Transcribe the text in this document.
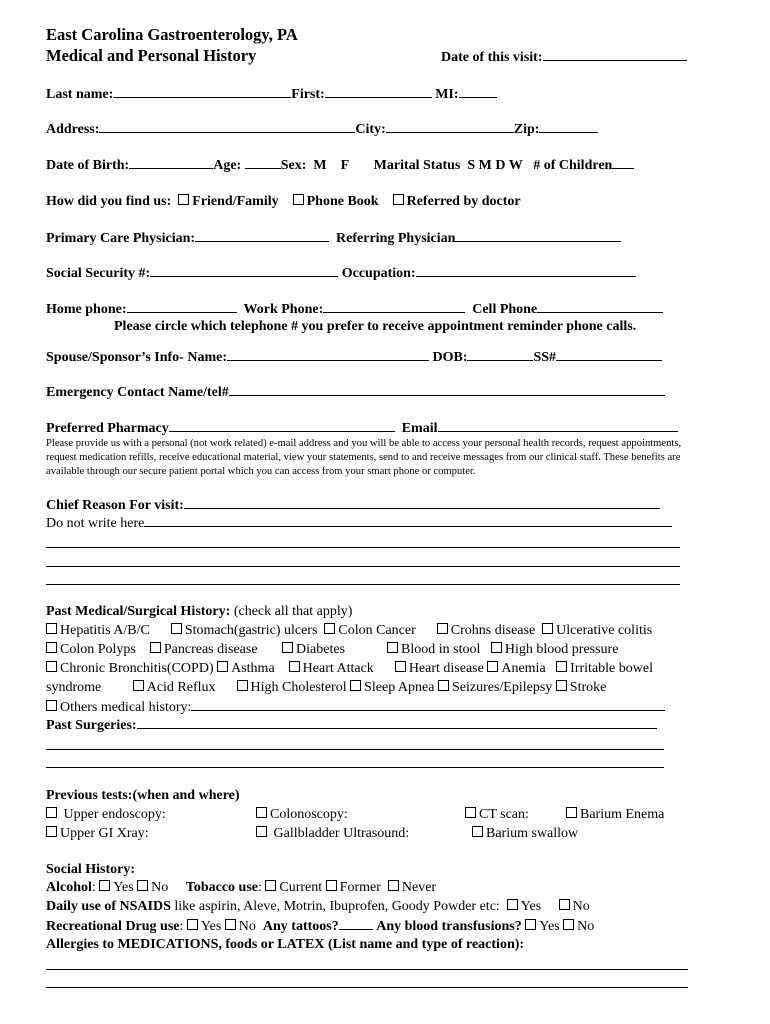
East Carolina Gastroenterology, PA
Medical and Personal History	Date of this visit:
Last name:	First:	MI:
Address:	City:	Zip:
Date of Birth:	Age:	Sex: M F Marital Status S M D W # of Children
How did you find us: Friend/Family Phone Book Referred by doctor
Primary Care Physician:	Referring Physician
Social Security #:	Occupation:
Home phone:	Work Phone:	Cell Phone
Please circle which telephone # you prefer to receive appointment reminder phone calls.
Spouse/Sponsor’s Info- Name:	DOB:	SS#
Emergency Contact Name/tel#
Preferred Pharmacy	Email
Please provide us with a personal (not work related) e-mail address and you will be able to access your personal health records, request appointments, request medication refills, receive educational material, view your statements, send to and receive messages from our clinical staff. These benefits are available through our secure patient portal which you can access from your smart phone or computer.
Chief Reason For visit:
Do not write here
Past Medical/Surgical History: (check all that apply)
Hepatitis A/B/C	Stomach(gastric) ulcers Colon Cancer	Crohns disease Ulcerative colitis
Colon Polyps Pancreas disease	Diabetes	Blood in stool High blood pressure
Chronic Bronchitis(COPD) Asthma Heart Attack	Heart disease Anemia Irritable bowel
syndrome	Acid Reflux	High Cholesterol Sleep Apnea Seizures/Epilepsy Stroke
Others medical history:
Past Surgeries:
Previous tests:(when and where)
Upper endoscopy:	Colonoscopy:	CT scan:	Barium Enema
Upper GI Xray:	Gallbladder Ultrasound:	Barium swallow
Social History:
Alcohol: Yes No Tobacco use: Current Former Never
Daily use of NSAIDS like aspirin, Aleve, Motrin, Ibuprofen, Goody Powder etc: Yes No
Recreational Drug use: Yes No Any tattoos?	Any blood transfusions? Yes No
Allergies to MEDICATIONS, foods or LATEX (List name and type of reaction):
